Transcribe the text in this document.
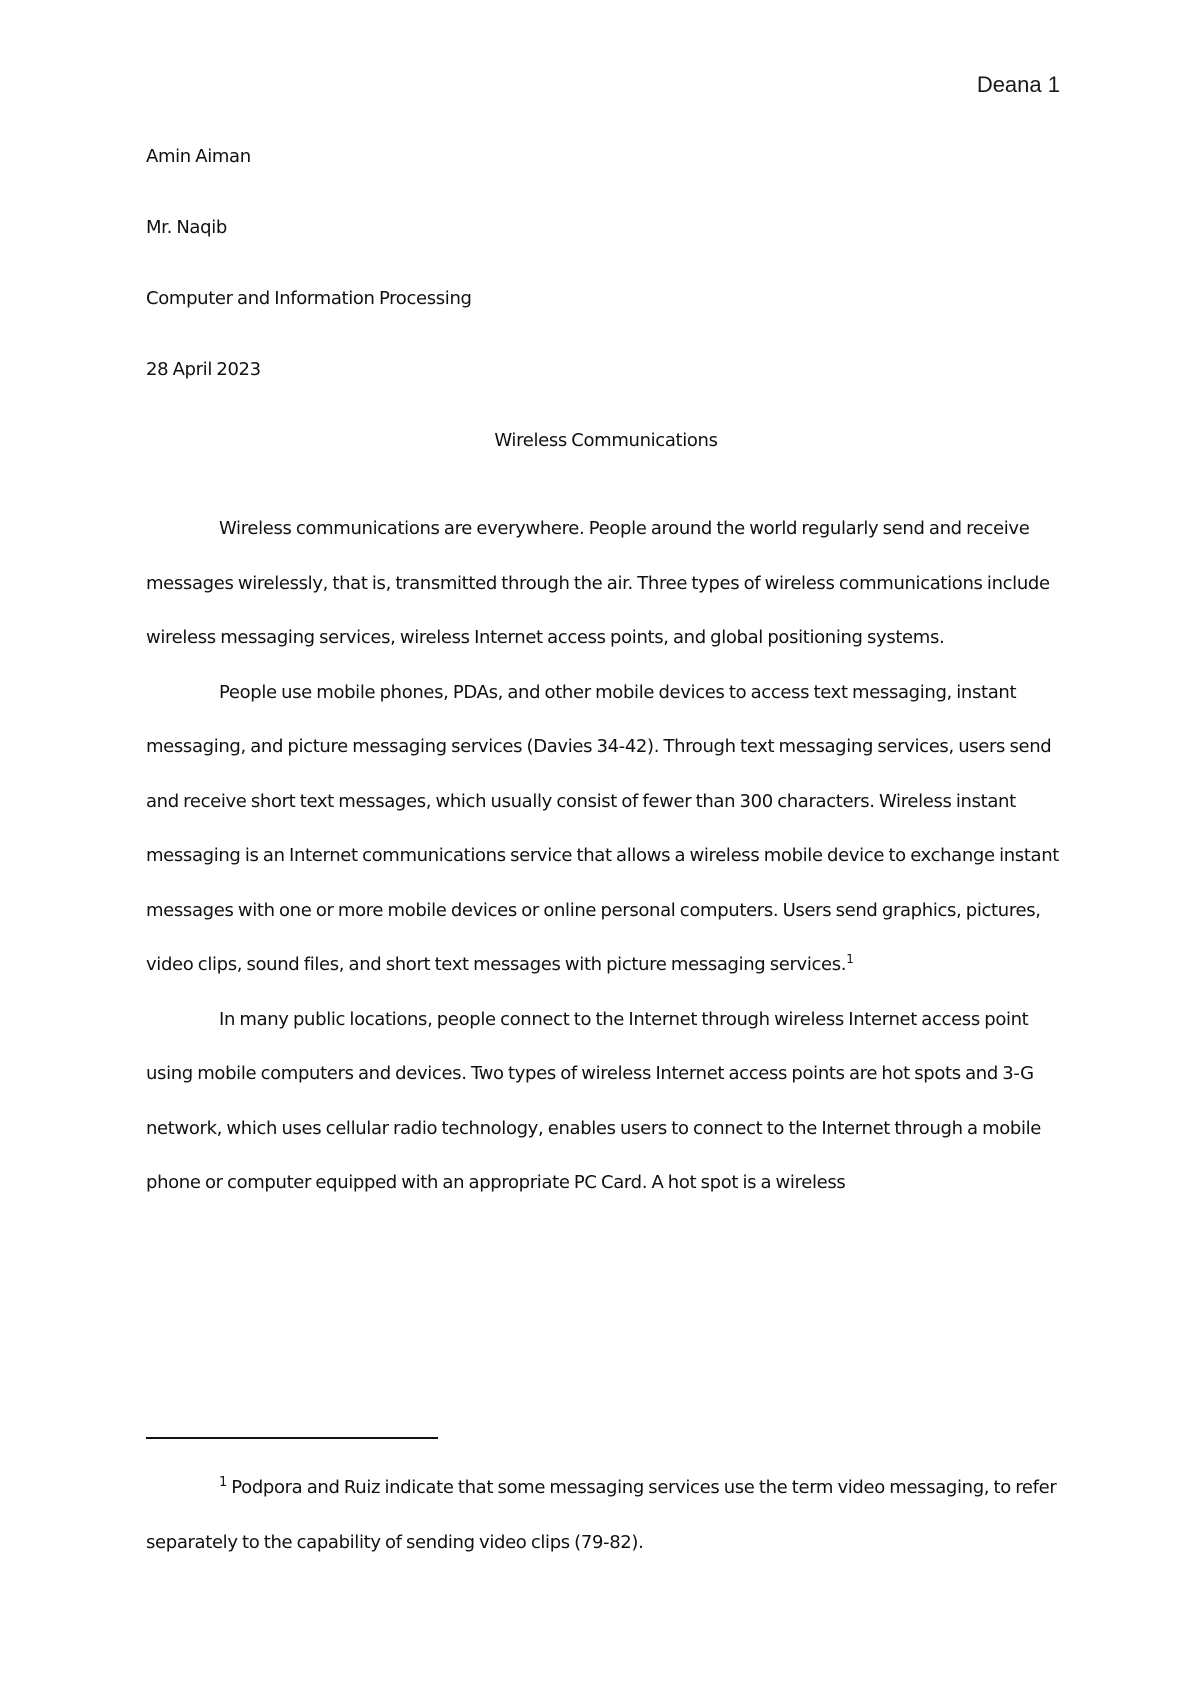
Deana 1

Amin Aiman

Mr. Naqib

Computer and Information Processing

28 April 2023

Wireless Communications

Wireless communications are everywhere. People around the world regularly send and receive messages wirelessly, that is, transmitted through the air. Three types of wireless communications include wireless messaging services, wireless Internet access points, and global positioning systems.

People use mobile phones, PDAs, and other mobile devices to access text messaging, instant messaging, and picture messaging services (Davies 34-42). Through text messaging services, users send and receive short text messages, which usually consist of fewer than 300 characters. Wireless instant messaging is an Internet communications service that allows a wireless mobile device to exchange instant messages with one or more mobile devices or online personal computers. Users send graphics, pictures, video clips, sound files, and short text messages with picture messaging services.$^1$

In many public locations, people connect to the Internet through wireless Internet access point using mobile computers and devices. Two types of wireless Internet access points are hot spots and 3-G network, which uses cellular radio technology, enables users to connect to the Internet through a mobile phone or computer equipped with an appropriate PC Card. A hot spot is a wireless

$^1$ Podpora and Ruiz indicate that some messaging services use the term video messaging, to refer separately to the capability of sending video clips (79-82).
